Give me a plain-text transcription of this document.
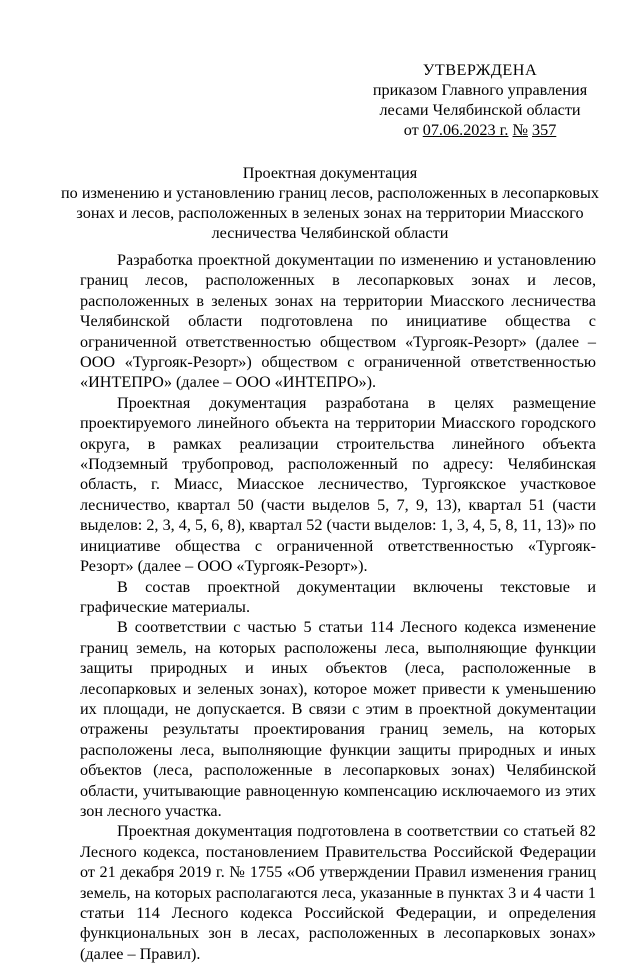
УТВЕРЖДЕНА
приказом Главного управления
лесами Челябинской области
от 07.06.2023 г. № 357
Проектная документация
по изменению и установлению границ лесов, расположенных в лесопарковых
зонах и лесов, расположенных в зеленых зонах на территории Миасского
лесничества Челябинской области

Разработка проектной документации по изменению и установлению границ лесов, расположенных в лесопарковых зонах и лесов, расположенных в зеленых зонах на территории Миасского лесничества Челябинской области подготовлена по инициативе общества с ограниченной ответственностью обществом «Тургояк-Резорт» (далее – ООО «Тургояк-Резорт») обществом с ограниченной ответственностью «ИНТЕПРО» (далее – ООО «ИНТЕПРО»).

Проектная документация разработана в целях размещение проектируемого линейного объекта на территории Миасского городского округа, в рамках реализации строительства линейного объекта «Подземный трубопровод, расположенный по адресу: Челябинская область, г. Миасс, Миасское лесничество, Тургоякское участковое лесничество, квартал 50 (части выделов 5, 7, 9, 13), квартал 51 (части выделов: 2, 3, 4, 5, 6, 8), квартал 52 (части выделов: 1, 3, 4, 5, 8, 11, 13)» по инициативе общества с ограниченной ответственностью «Тургояк-Резорт» (далее – ООО «Тургояк-Резорт»).

В состав проектной документации включены текстовые и графические материалы.

В соответствии с частью 5 статьи 114 Лесного кодекса изменение границ земель, на которых расположены леса, выполняющие функции защиты природных и иных объектов (леса, расположенные в лесопарковых и зеленых зонах), которое может привести к уменьшению их площади, не допускается. В связи с этим в проектной документации отражены результаты проектирования границ земель, на которых расположены леса, выполняющие функции защиты природных и иных объектов (леса, расположенные в лесопарковых зонах) Челябинской области, учитывающие равноценную компенсацию исключаемого из этих зон лесного участка.

Проектная документация подготовлена в соответствии со статьей 82 Лесного кодекса, постановлением Правительства Российской Федерации от 21 декабря 2019 г. № 1755 «Об утверждении Правил изменения границ земель, на которых располагаются леса, указанные в пунктах 3 и 4 части 1 статьи 114 Лесного кодекса Российской Федерации, и определения функциональных зон в лесах, расположенных в лесопарковых зонах» (далее – Правил).
